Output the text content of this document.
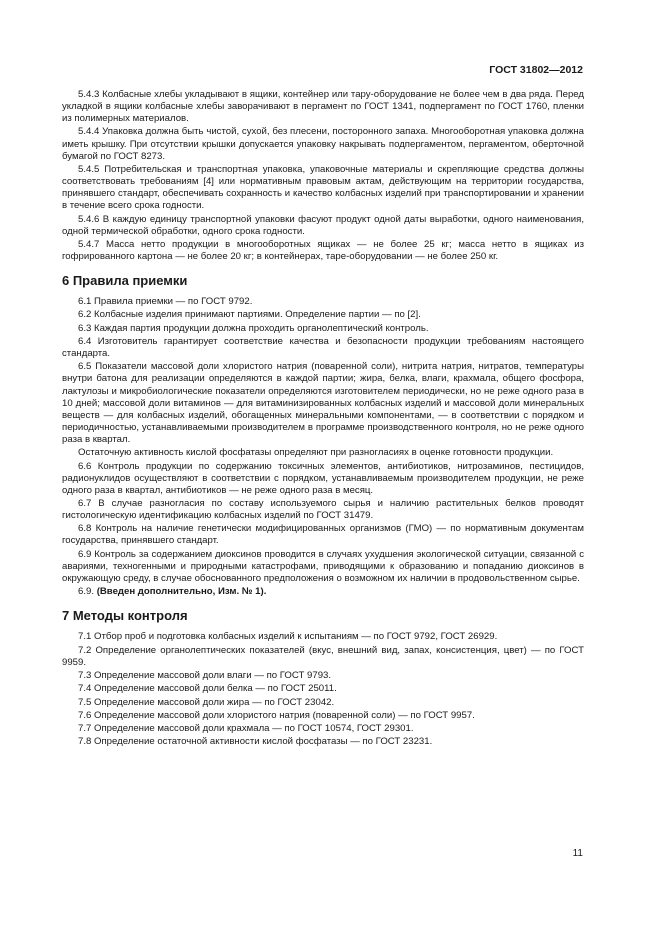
ГОСТ 31802—2012

5.4.3 Колбасные хлебы укладывают в ящики, контейнер или тару-оборудование не более чем в два ряда. Перед укладкой в ящики колбасные хлебы заворачивают в пергамент по ГОСТ 1341, подпергамент по ГОСТ 1760, пленки из полимерных материалов.

5.4.4 Упаковка должна быть чистой, сухой, без плесени, посторонного запаха. Многооборотная упаковка должна иметь крышку. При отсутствии крышки допускается упаковку накрывать подпергаментом, пергаментом, оберточной бумагой по ГОСТ 8273.

5.4.5 Потребительская и транспортная упаковка, упаковочные материалы и скрепляющие средства должны соответствовать требованиям [4] или нормативным правовым актам, действующим на территории государства, принявшего стандарт, обеспечивать сохранность и качество колбасных изделий при транспортировании и хранении в течение всего срока годности.

5.4.6 В каждую единицу транспортной упаковки фасуют продукт одной даты выработки, одного наименования, одной термической обработки, одного срока годности.

5.4.7 Масса нетто продукции в многооборотных ящиках — не более 25 кг; масса нетто в ящиках из гофрированного картона — не более 20 кг; в контейнерах, таре-оборудовании — не более 250 кг.

6 Правила приемки

6.1 Правила приемки — по ГОСТ 9792.

6.2 Колбасные изделия принимают партиями. Определение партии — по [2].

6.3 Каждая партия продукции должна проходить органолептический контроль.

6.4 Изготовитель гарантирует соответствие качества и безопасности продукции требованиям настоящего стандарта.

6.5 Показатели массовой доли хлористого натрия (поваренной соли), нитрита натрия, нитратов, температуры внутри батона для реализации определяются в каждой партии; жира, белка, влаги, крахмала, общего фосфора, лактулозы и микробиологические показатели определяются изготовителем периодически, но не реже одного раза в 10 дней; массовой доли витаминов — для витаминизированных колбасных изделий и массовой доли минеральных веществ — для колбасных изделий, обогащенных минеральными компонентами, — в соответствии с порядком и периодичностью, устанавливаемыми производителем в программе производственного контроля, но не реже одного раза в квартал.

Остаточную активность кислой фосфатазы определяют при разногласиях в оценке готовности продукции.

6.6 Контроль продукции по содержанию токсичных элементов, антибиотиков, нитрозаминов, пестицидов, радионуклидов осуществляют в соответствии с порядком, устанавливаемым производителем продукции, не реже одного раза в квартал, антибиотиков — не реже одного раза в месяц.

6.7 В случае разногласия по составу используемого сырья и наличию растительных белков проводят гистологическую идентификацию колбасных изделий по ГОСТ 31479.

6.8 Контроль на наличие генетически модифицированных организмов (ГМО) — по нормативным документам государства, принявшего стандарт.

6.9 Контроль за содержанием диоксинов проводится в случаях ухудшения экологической ситуации, связанной с авариями, техногенными и природными катастрофами, приводящими к образованию и попаданию диоксинов в окружающую среду, в случае обоснованного предположения о возможном их наличии в продовольственном сырье.

6.9. (Введен дополнительно, Изм. № 1).

7 Методы контроля

7.1 Отбор проб и подготовка колбасных изделий к испытаниям — по ГОСТ 9792, ГОСТ 26929.

7.2 Определение органолептических показателей (вкус, внешний вид, запах, консистенция, цвет) — по ГОСТ 9959.

7.3 Определение массовой доли влаги — по ГОСТ 9793.

7.4 Определение массовой доли белка — по ГОСТ 25011.

7.5 Определение массовой доли жира — по ГОСТ 23042.

7.6 Определение массовой доли хлористого натрия (поваренной соли) — по ГОСТ 9957.

7.7 Определение массовой доли крахмала — по ГОСТ 10574, ГОСТ 29301.

7.8 Определение остаточной активности кислой фосфатазы — по ГОСТ 23231.

11
